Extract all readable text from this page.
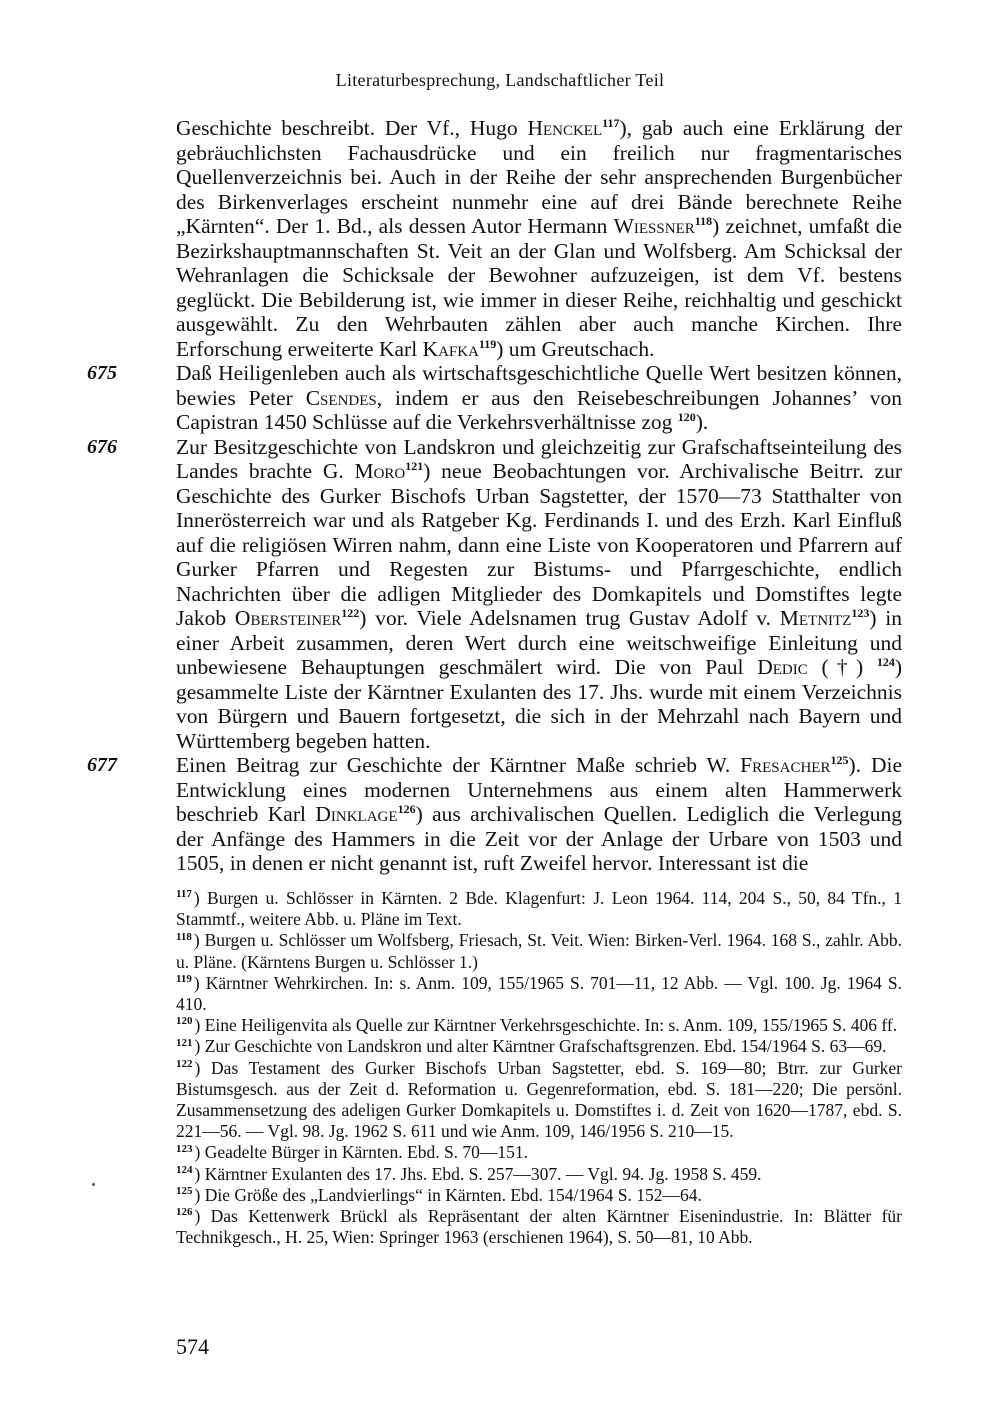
Literaturbesprechung, Landschaftlicher Teil

Geschichte beschreibt. Der Vf., Hugo Henckel$^{117}$), gab auch eine Erklärung der gebräuchlichsten Fachausdrücke und ein freilich nur fragmentarisches Quellenverzeichnis bei. Auch in der Reihe der sehr ansprechenden Burgenbücher des Birkenverlages erscheint nunmehr eine auf drei Bände berechnete Reihe „Kärnten“. Der 1. Bd., als dessen Autor Hermann Wiessner$^{118}$) zeichnet, umfaßt die Bezirkshauptmannschaften St. Veit an der Glan und Wolfsberg. Am Schicksal der Wehranlagen die Schicksale der Bewohner aufzuzeigen, ist dem Vf. bestens geglückt. Die Bebilderung ist, wie immer in dieser Reihe, reichhaltig und geschickt ausgewählt. Zu den Wehrbauten zählen aber auch manche Kirchen. Ihre Erforschung erweiterte Karl Kafka$^{119}$) um Greutschach.

675	Daß Heiligenleben auch als wirtschaftsgeschichtliche Quelle Wert besitzen können, bewies Peter Csendes, indem er aus den Reisebeschreibungen Johannes’ von Capistran 1450 Schlüsse auf die Verkehrsverhältnisse zog $^{120}$).

676	Zur Besitzgeschichte von Landskron und gleichzeitig zur Grafschaftseinteilung des Landes brachte G. Moro$^{121}$) neue Beobachtungen vor. Archivalische Beitrr. zur Geschichte des Gurker Bischofs Urban Sagstetter, der 1570—73 Statthalter von Innerösterreich war und als Ratgeber Kg. Ferdinands I. und des Erzh. Karl Einfluß auf die religiösen Wirren nahm, dann eine Liste von Kooperatoren und Pfarrern auf Gurker Pfarren und Regesten zur Bistums- und Pfarrgeschichte, endlich Nachrichten über die adligen Mitglieder des Domkapitels und Domstiftes legte Jakob Obersteiner$^{122}$) vor. Viele Adelsnamen trug Gustav Adolf v. Metnitz$^{123}$) in einer Arbeit zusammen, deren Wert durch eine weitschweifige Einleitung und unbewiesene Behauptungen geschmälert wird. Die von Paul Dedic (†) $^{124}$) gesammelte Liste der Kärntner Exulanten des 17. Jhs. wurde mit einem Verzeichnis von Bürgern und Bauern fortgesetzt, die sich in der Mehrzahl nach Bayern und Württemberg begeben hatten.

677	Einen Beitrag zur Geschichte der Kärntner Maße schrieb W. Fresacher$^{125}$). Die Entwicklung eines modernen Unternehmens aus einem alten Hammerwerk beschrieb Karl Dinklage$^{126}$) aus archivalischen Quellen. Lediglich die Verlegung der Anfänge des Hammers in die Zeit vor der Anlage der Urbare von 1503 und 1505, in denen er nicht genannt ist, ruft Zweifel hervor. Interessant ist die

$^{117}$ ) Burgen u. Schlösser in Kärnten. 2 Bde. Klagenfurt: J. Leon 1964. 114, 204 S., 50, 84 Tfn., 1 Stammtf., weitere Abb. u. Pläne im Text.

$^{118}$ ) Burgen u. Schlösser um Wolfsberg, Friesach, St. Veit. Wien: Birken-Verl. 1964. 168 S., zahlr. Abb. u. Pläne. (Kärntens Burgen u. Schlösser 1.)

$^{119}$ ) Kärntner Wehrkirchen. In: s. Anm. 109, 155/1965 S. 701—11, 12 Abb. — Vgl. 100. Jg. 1964 S. 410.

$^{120}$ ) Eine Heiligenvita als Quelle zur Kärntner Verkehrsgeschichte. In: s. Anm. 109, 155/1965 S. 406 ff.

$^{121}$ ) Zur Geschichte von Landskron und alter Kärntner Grafschaftsgrenzen. Ebd. 154/1964 S. 63—69.

$^{122}$ ) Das Testament des Gurker Bischofs Urban Sagstetter, ebd. S. 169—80; Btrr. zur Gurker Bistumsgesch. aus der Zeit d. Reformation u. Gegenreformation, ebd. S. 181—220; Die persönl. Zusammensetzung des adeligen Gurker Domkapitels u. Domstiftes i. d. Zeit von 1620—1787, ebd. S. 221—56. — Vgl. 98. Jg. 1962 S. 611 und wie Anm. 109, 146/1956 S. 210—15.

$^{123}$ ) Geadelte Bürger in Kärnten. Ebd. S. 70—151.

$^{124}$ ) Kärntner Exulanten des 17. Jhs. Ebd. S. 257—307. — Vgl. 94. Jg. 1958 S. 459.

$^{125}$ ) Die Größe des „Landvierlings“ in Kärnten. Ebd. 154/1964 S. 152—64.

$^{126}$ ) Das Kettenwerk Brückl als Repräsentant der alten Kärntner Eisenindustrie. In: Blätter für Technikgesch., H. 25, Wien: Springer 1963 (erschienen 1964), S. 50—81, 10 Abb.

574
